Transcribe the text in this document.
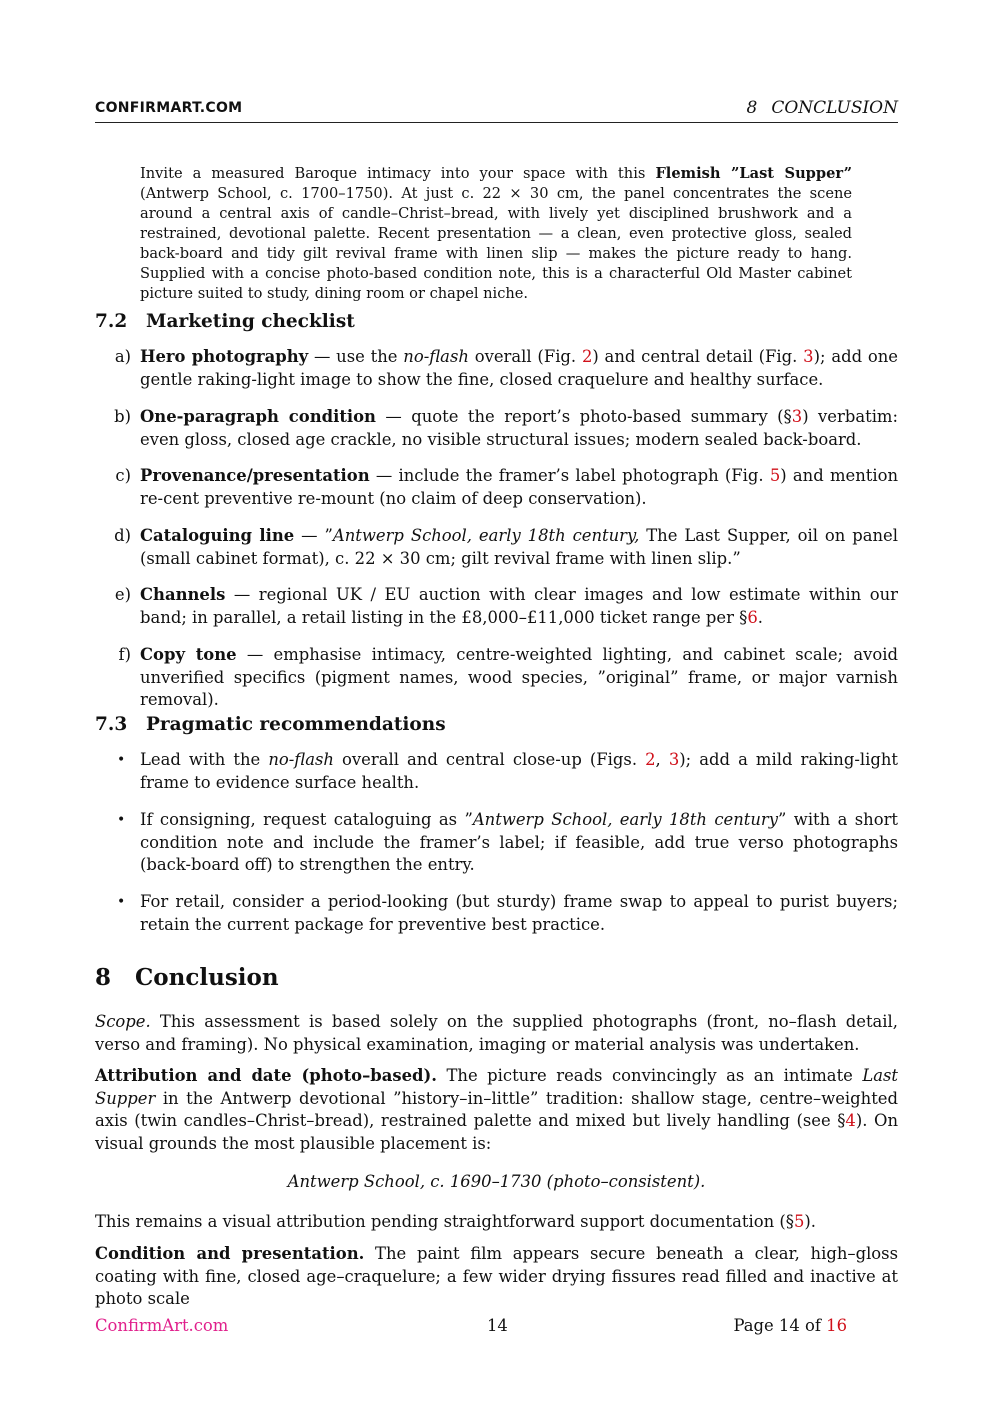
CONFIRMART.COM	8 CONCLUSION

Invite a measured Baroque intimacy into your space with this Flemish ”Last Supper” (Antwerp School, c. 1700–1750). At just c. 22 × 30 cm, the panel concentrates the scene around a central axis of candle–Christ–bread, with lively yet disciplined brushwork and a restrained, devotional palette. Recent presentation — a clean, even protective gloss, sealed back-board and tidy gilt revival frame with linen slip — makes the picture ready to hang. Supplied with a concise photo-based condition note, this is a characterful Old Master cabinet picture suited to study, dining room or chapel niche.

7.2 Marketing checklist
a) Hero photography — use the no-flash overall (Fig. 2) and central detail (Fig. 3); add one gentle raking-light image to show the fine, closed craquelure and healthy surface.
b) One-paragraph condition — quote the report’s photo-based summary (§3) verbatim: even gloss, closed age crackle, no visible structural issues; modern sealed back-board.
c) Provenance/presentation — include the framer’s label photograph (Fig. 5) and mention re-cent preventive re-mount (no claim of deep conservation).
d) Cataloguing line — ”Antwerp School, early 18th century, The Last Supper, oil on panel (small cabinet format), c. 22 × 30 cm; gilt revival frame with linen slip.”
e) Channels — regional UK / EU auction with clear images and low estimate within our band; in parallel, a retail listing in the £8,000–£11,000 ticket range per §6.
f) Copy tone — emphasise intimacy, centre-weighted lighting, and cabinet scale; avoid unverified specifics (pigment names, wood species, ”original” frame, or major varnish removal).
7.3 Pragmatic recommendations
• Lead with the no-flash overall and central close-up (Figs. 2, 3); add a mild raking-light frame to evidence surface health.
• If consigning, request cataloguing as ”Antwerp School, early 18th century” with a short condition note and include the framer’s label; if feasible, add true verso photographs (back-board off) to strengthen the entry.
• For retail, consider a period-looking (but sturdy) frame swap to appeal to purist buyers; retain the current package for preventive best practice.
8 Conclusion

Scope. This assessment is based solely on the supplied photographs (front, no–flash detail, verso and framing). No physical examination, imaging or material analysis was undertaken.

Attribution and date (photo–based). The picture reads convincingly as an intimate Last Supper in the Antwerp devotional ”history–in–little” tradition: shallow stage, centre–weighted axis (twin candles–Christ–bread), restrained palette and mixed but lively handling (see §4). On visual grounds the most plausible placement is:

Antwerp School, c. 1690–1730 (photo–consistent).

This remains a visual attribution pending straightforward support documentation (§5).

Condition and presentation. The paint film appears secure beneath a clear, high–gloss coating with fine, closed age–craquelure; a few wider drying fissures read filled and inactive at photo scale

ConfirmArt.com	14	Page 14 of 16
